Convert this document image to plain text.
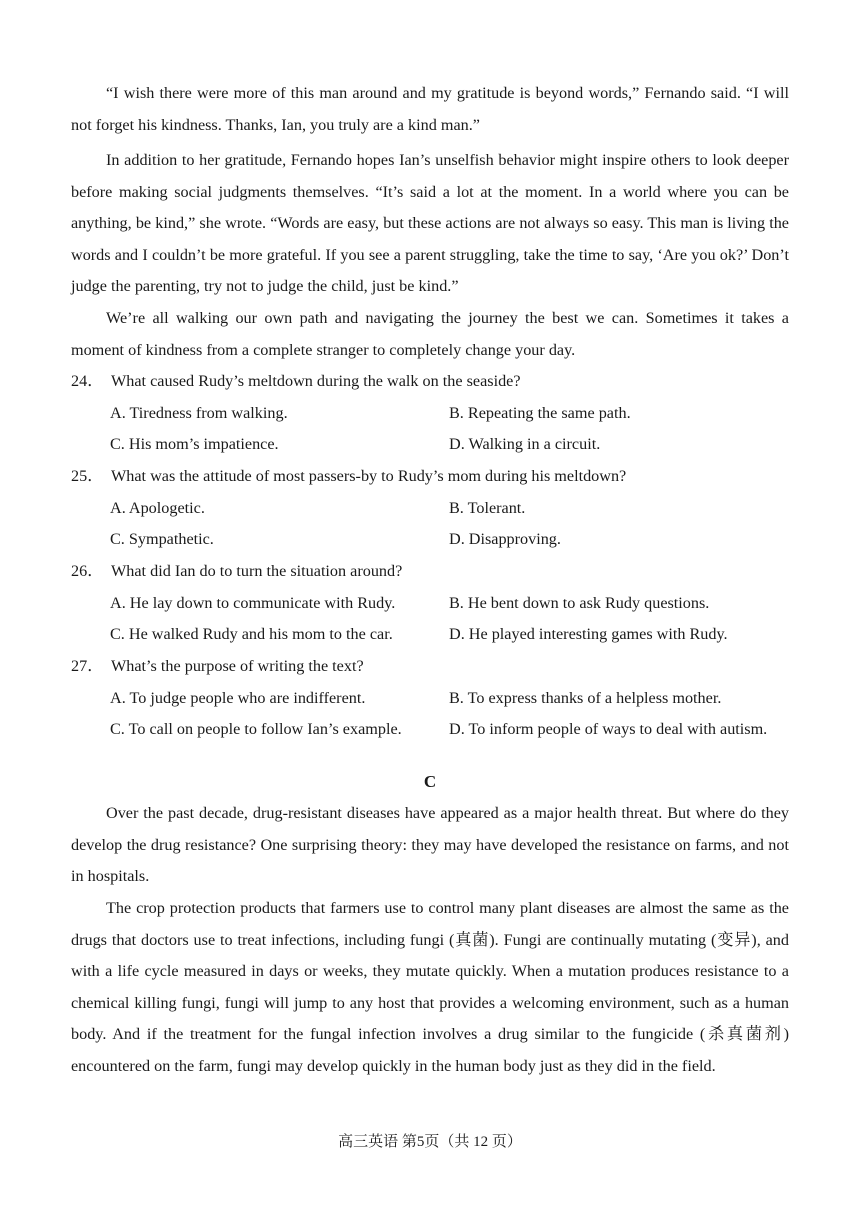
“I wish there were more of this man around and my gratitude is beyond words,” Fernando said. “I will not forget his kindness. Thanks, Ian, you truly are a kind man.”

In addition to her gratitude, Fernando hopes Ian’s unselfish behavior might inspire others to look deeper before making social judgments themselves. “It’s said a lot at the moment. In a world where you can be anything, be kind,” she wrote. “Words are easy, but these actions are not always so easy. This man is living the words and I couldn’t be more grateful. If you see a parent struggling, take the time to say, ‘Are you ok?’ Don’t judge the parenting, try not to judge the child, just be kind.”

We’re all walking our own path and navigating the journey the best we can. Sometimes it takes a moment of kindness from a complete stranger to completely change your day.

24． What caused Rudy’s meltdown during the walk on the seaside?
A. Tiredness from walking.	B. Repeating the same path.
C. His mom’s impatience.	D. Walking in a circuit.
25． What was the attitude of most passers-by to Rudy’s mom during his meltdown?
A. Apologetic.	B. Tolerant.
C. Sympathetic.	D. Disapproving.
26． What did Ian do to turn the situation around?
A. He lay down to communicate with Rudy.	B. He bent down to ask Rudy questions.
C. He walked Rudy and his mom to the car.	D. He played interesting games with Rudy.
27． What’s the purpose of writing the text?
A. To judge people who are indifferent.	B. To express thanks of a helpless mother.
C. To call on people to follow Ian’s example.	D. To inform people of ways to deal with autism.
C

Over the past decade, drug-resistant diseases have appeared as a major health threat. But where do they develop the drug resistance? One surprising theory: they may have developed the resistance on farms, and not in hospitals.

The crop protection products that farmers use to control many plant diseases are almost the same as the drugs that doctors use to treat infections, including fungi (真菌). Fungi are continually mutating (变异), and with a life cycle measured in days or weeks, they mutate quickly. When a mutation produces resistance to a chemical killing fungi, fungi will jump to any host that provides a welcoming environment, such as a human body. And if the treatment for the fungal infection involves a drug similar to the fungicide (杀真菌剂) encountered on the farm, fungi may develop quickly in the human body just as they did in the field.

高三英语 第5页（共 12 页）
